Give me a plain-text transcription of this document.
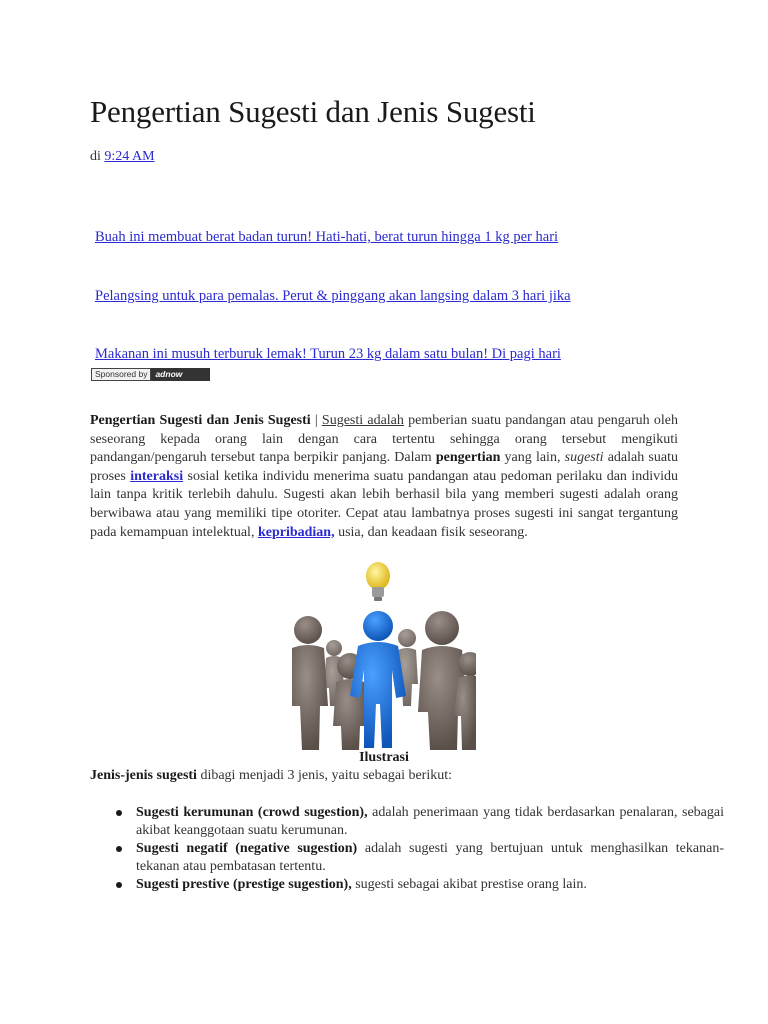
Pengertian Sugesti dan Jenis Sugesti
di 9:24 AM
Buah ini membuat berat badan turun! Hati-hati, berat turun hingga 1 kg per hari
Pelangsing untuk para pemalas. Perut & pinggang akan langsing dalam 3 hari jika
Makanan ini musuh terburuk lemak! Turun 23 kg dalam satu bulan! Di pagi hari
Sponsored by adnow
Pengertian Sugesti dan Jenis Sugesti | Sugesti adalah pemberian suatu pandangan atau pengaruh oleh seseorang kepada orang lain dengan cara tertentu sehingga orang tersebut mengikuti pandangan/pengaruh tersebut tanpa berpikir panjang. Dalam pengertian yang lain, sugesti adalah suatu proses interaksi sosial ketika individu menerima suatu pandangan atau pedoman perilaku dan individu lain tanpa kritik terlebih dahulu. Sugesti akan lebih berhasil bila yang memberi sugesti adalah orang berwibawa atau yang memiliki tipe otoriter. Cepat atau lambatnya proses sugesti ini sangat tergantung pada kemampuan intelektual, kepribadian, usia, dan keadaan fisik seseorang.
Ilustrasi
Jenis-jenis sugesti dibagi menjadi 3 jenis, yaitu sebagai berikut:
Sugesti kerumunan (crowd sugestion), adalah penerimaan yang tidak berdasarkan penalaran, sebagai akibat keanggotaan suatu kerumunan.
Sugesti negatif (negative sugestion) adalah sugesti yang bertujuan untuk menghasilkan tekanan-tekanan atau pembatasan tertentu.
Sugesti prestive (prestige sugestion), sugesti sebagai akibat prestise orang lain.
